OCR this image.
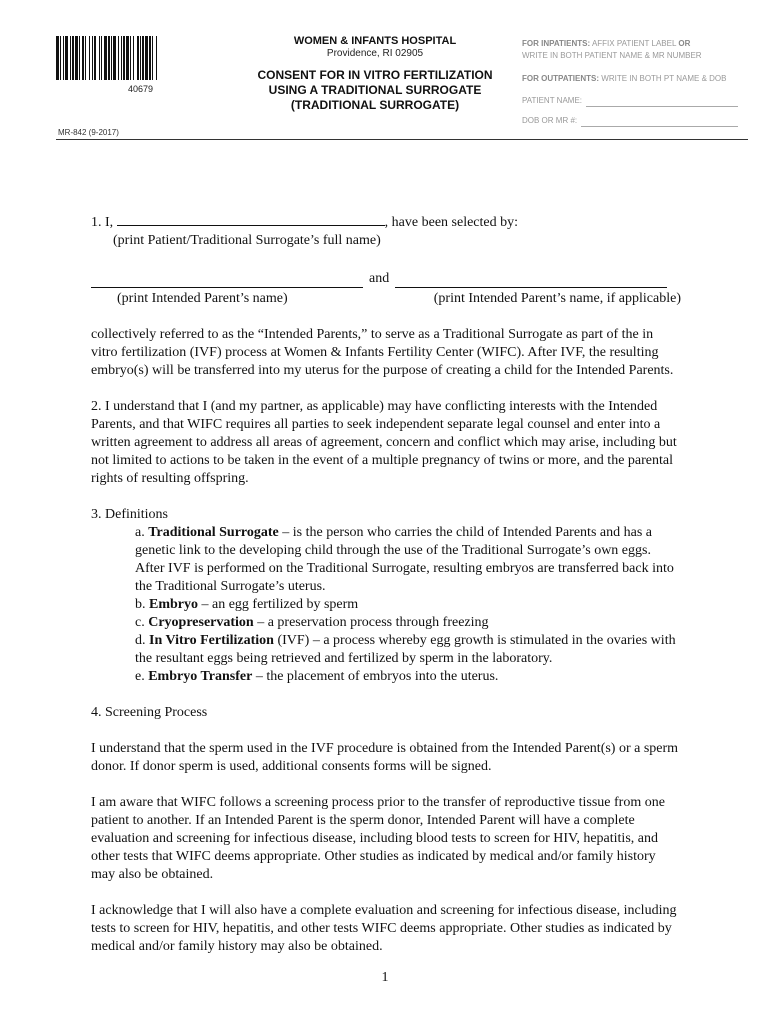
40679
MR-842 (9-2017)
WOMEN & INFANTS HOSPITAL
Providence, RI 02905
CONSENT FOR IN VITRO FERTILIZATION
USING A TRADITIONAL SURROGATE
(TRADITIONAL SURROGATE)
FOR INPATIENTS: AFFIX PATIENT LABEL OR
WRITE IN BOTH PATIENT NAME & MR NUMBER
FOR OUTPATIENTS: WRITE IN BOTH PT NAME & DOB
PATIENT NAME:
DOB OR MR #:
1. I,	, have been selected by:
(print Patient/Traditional Surrogate’s full name)
and
(print Intended Parent’s name)	(print Intended Parent’s name, if applicable)

collectively referred to as the “Intended Parents,” to serve as a Traditional Surrogate as part of the in vitro fertilization (IVF) process at Women & Infants Fertility Center (WIFC). After IVF, the resulting embryo(s) will be transferred into my uterus for the purpose of creating a child for the Intended Parents.

2. I understand that I (and my partner, as applicable) may have conflicting interests with the Intended Parents, and that WIFC requires all parties to seek independent separate legal counsel and enter into a written agreement to address all areas of agreement, concern and conflict which may arise, including but not limited to actions to be taken in the event of a multiple pregnancy of twins or more, and the parental rights of resulting offspring.

3. Definitions

a. Traditional Surrogate – is the person who carries the child of Intended Parents and has a genetic link to the developing child through the use of the Traditional Surrogate’s own eggs. After IVF is performed on the Traditional Surrogate, resulting embryos are transferred back into the Traditional Surrogate’s uterus.
b. Embryo – an egg fertilized by sperm
c. Cryopreservation – a preservation process through freezing
d. In Vitro Fertilization (IVF) – a process whereby egg growth is stimulated in the ovaries with the resultant eggs being retrieved and fertilized by sperm in the laboratory.
e. Embryo Transfer – the placement of embryos into the uterus.

4. Screening Process

I understand that the sperm used in the IVF procedure is obtained from the Intended Parent(s) or a sperm donor. If donor sperm is used, additional consents forms will be signed.

I am aware that WIFC follows a screening process prior to the transfer of reproductive tissue from one patient to another. If an Intended Parent is the sperm donor, Intended Parent will have a complete evaluation and screening for infectious disease, including blood tests to screen for HIV, hepatitis, and other tests that WIFC deems appropriate. Other studies as indicated by medical and/or family history may also be obtained.

I acknowledge that I will also have a complete evaluation and screening for infectious disease, including tests to screen for HIV, hepatitis, and other tests WIFC deems appropriate. Other studies as indicated by medical and/or family history may also be obtained.

1
